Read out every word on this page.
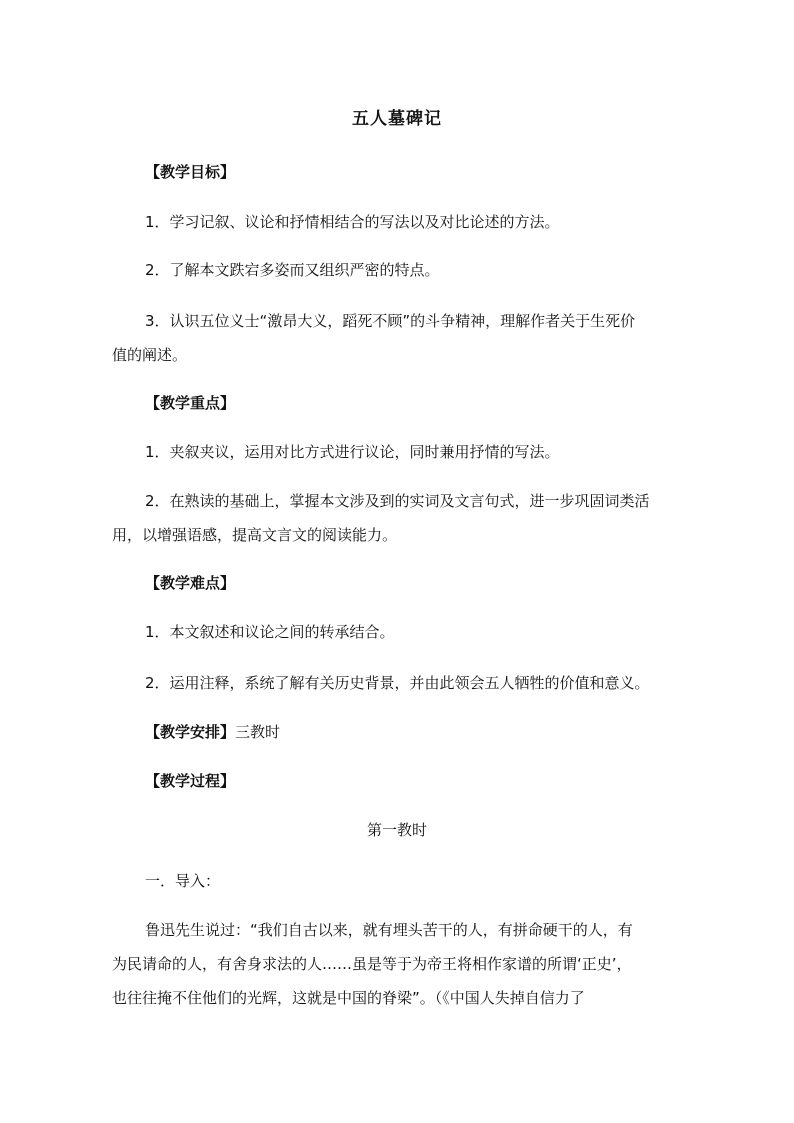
五人墓碑记
【教学目标】
1．学习记叙、议论和抒情相结合的写法以及对比论述的方法。
2．了解本文跌宕多姿而又组织严密的特点。
3．认识五位义士“激昂大义，蹈死不顾”的斗争精神，理解作者关于生死价
值的阐述。
【教学重点】
1．夹叙夹议，运用对比方式进行议论，同时兼用抒情的写法。
2．在熟读的基础上，掌握本文涉及到的实词及文言句式，进一步巩固词类活
用，以增强语感，提高文言文的阅读能力。
【教学难点】
1．本文叙述和议论之间的转承结合。
2．运用注释，系统了解有关历史背景，并由此领会五人牺牲的价值和意义。
【教学安排】三教时
【教学过程】
第一教时
一．导入：
鲁迅先生说过：“我们自古以来，就有埋头苦干的人，有拼命硬干的人，有
为民请命的人，有舍身求法的人……虽是等于为帝王将相作家谱的所谓‘正史’，
也往往掩不住他们的光辉，这就是中国的脊梁”。（《中国人失掉自信力了
